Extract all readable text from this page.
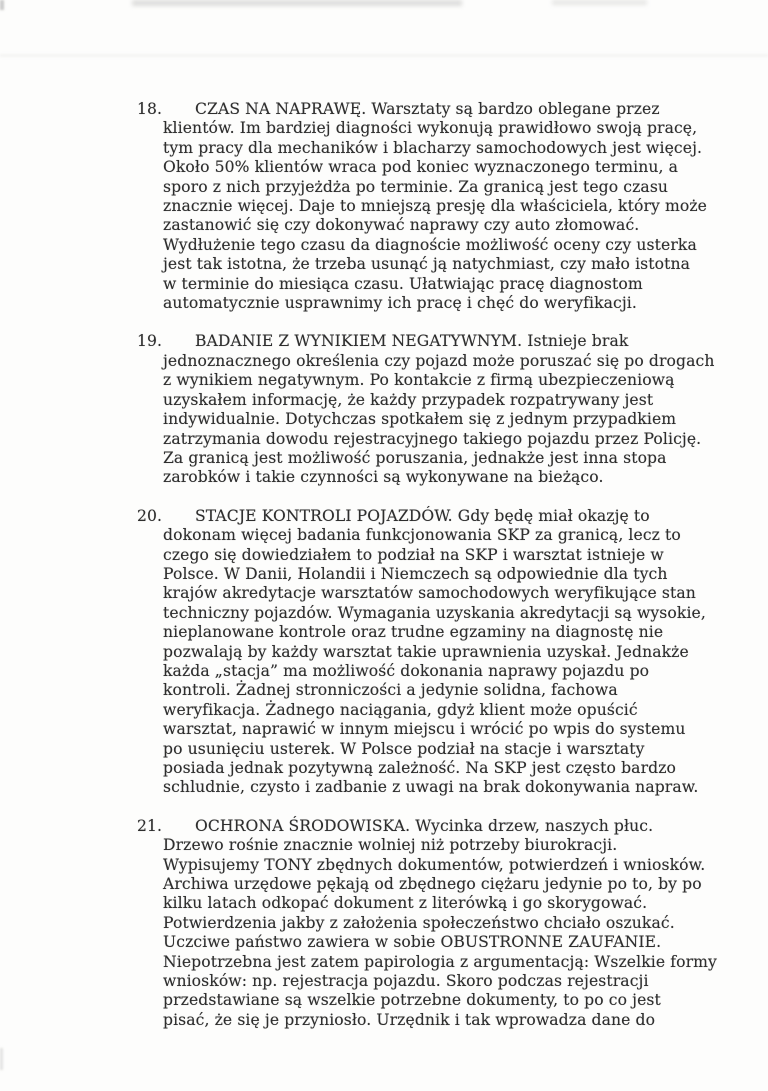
18. CZAS NA NAPRAWĘ. Warsztaty są bardzo oblegane przez
klientów. Im bardziej diagności wykonują prawidłowo swoją pracę,
tym pracy dla mechaników i blacharzy samochodowych jest więcej.
Około 50% klientów wraca pod koniec wyznaczonego terminu, a
sporo z nich przyjeżdża po terminie. Za granicą jest tego czasu
znacznie więcej. Daje to mniejszą presję dla właściciela, który może
zastanowić się czy dokonywać naprawy czy auto złomować.
Wydłużenie tego czasu da diagnoście możliwość oceny czy usterka
jest tak istotna, że trzeba usunąć ją natychmiast, czy mało istotna
w terminie do miesiąca czasu. Ułatwiając pracę diagnostom
automatycznie usprawnimy ich pracę i chęć do weryfikacji.
19. BADANIE Z WYNIKIEM NEGATYWNYM. Istnieje brak
jednoznacznego określenia czy pojazd może poruszać się po drogach
z wynikiem negatywnym. Po kontakcie z firmą ubezpieczeniową
uzyskałem informację, że każdy przypadek rozpatrywany jest
indywidualnie. Dotychczas spotkałem się z jednym przypadkiem
zatrzymania dowodu rejestracyjnego takiego pojazdu przez Policję.
Za granicą jest możliwość poruszania, jednakże jest inna stopa
zarobków i takie czynności są wykonywane na bieżąco.
20. STACJE KONTROLI POJAZDÓW. Gdy będę miał okazję to
dokonam więcej badania funkcjonowania SKP za granicą, lecz to
czego się dowiedziałem to podział na SKP i warsztat istnieje w
Polsce. W Danii, Holandii i Niemczech są odpowiednie dla tych
krajów akredytacje warsztatów samochodowych weryfikujące stan
techniczny pojazdów. Wymagania uzyskania akredytacji są wysokie,
nieplanowane kontrole oraz trudne egzaminy na diagnostę nie
pozwalają by każdy warsztat takie uprawnienia uzyskał. Jednakże
każda „stacja” ma możliwość dokonania naprawy pojazdu po
kontroli. Żadnej stronniczości a jedynie solidna, fachowa
weryfikacja. Żadnego naciągania, gdyż klient może opuścić
warsztat, naprawić w innym miejscu i wrócić po wpis do systemu
po usunięciu usterek. W Polsce podział na stacje i warsztaty
posiada jednak pozytywną zależność. Na SKP jest często bardzo
schludnie, czysto i zadbanie z uwagi na brak dokonywania napraw.
21. OCHRONA ŚRODOWISKA. Wycinka drzew, naszych płuc.
Drzewo rośnie znacznie wolniej niż potrzeby biurokracji.
Wypisujemy TONY zbędnych dokumentów, potwierdzeń i wniosków.
Archiwa urzędowe pękają od zbędnego ciężaru jedynie po to, by po
kilku latach odkopać dokument z literówką i go skorygować.
Potwierdzenia jakby z założenia społeczeństwo chciało oszukać.
Uczciwe państwo zawiera w sobie OBUSTRONNE ZAUFANIE.
Niepotrzebna jest zatem papirologia z argumentacją: Wszelkie formy
wniosków: np. rejestracja pojazdu. Skoro podczas rejestracji
przedstawiane są wszelkie potrzebne dokumenty, to po co jest
pisać, że się je przyniosło. Urzędnik i tak wprowadza dane do
